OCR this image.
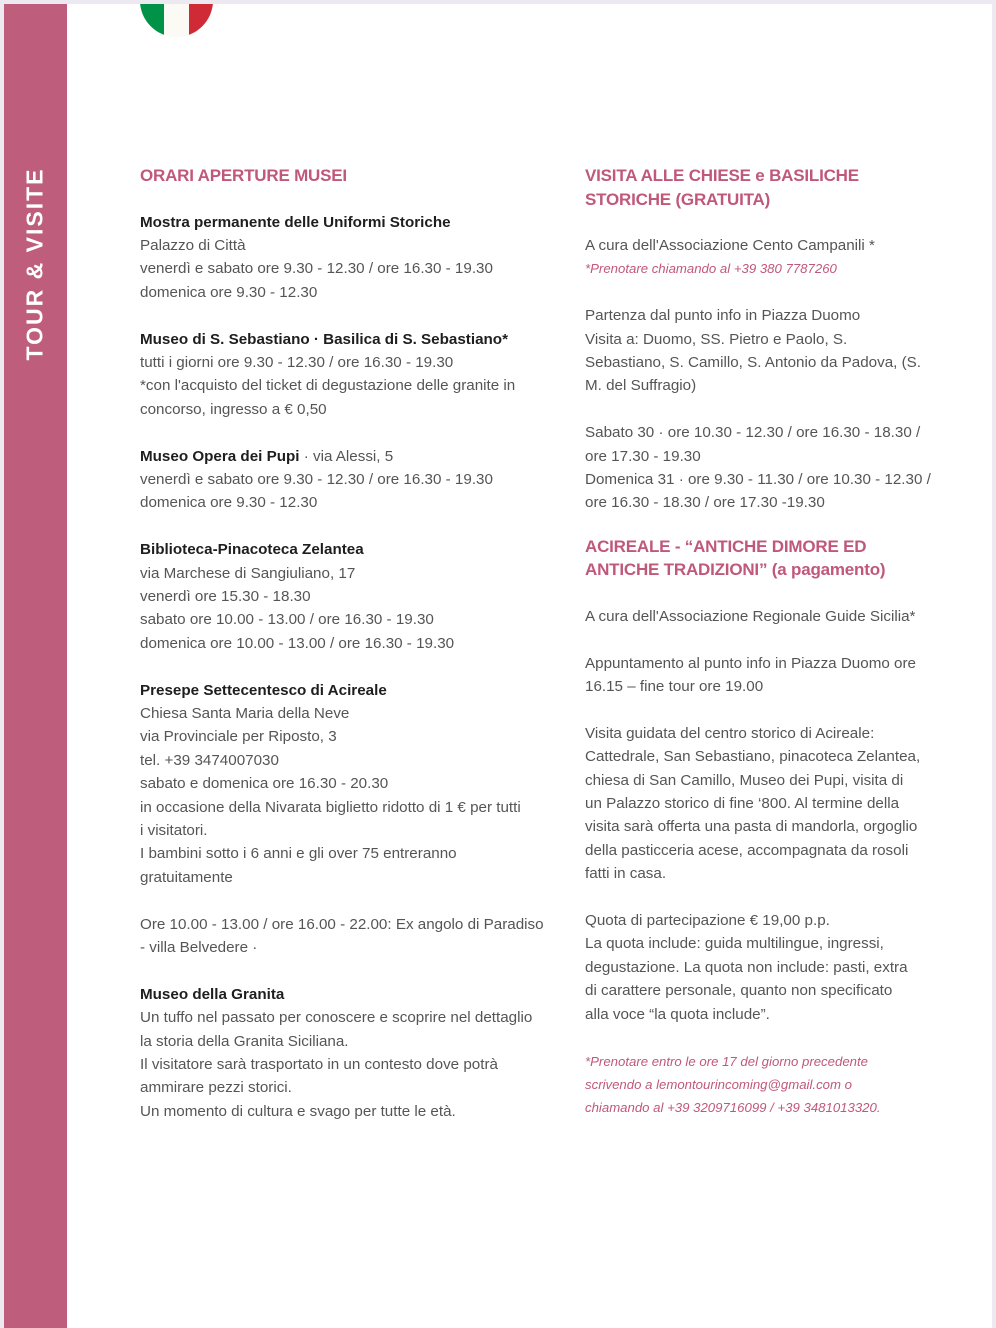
TOUR & VISITE	ORARI APERTURE MUSEI
Mostra permanente delle Uniformi Storiche
Palazzo di Città
venerdì e sabato ore 9.30 - 12.30 / ore 16.30 - 19.30
domenica ore 9.30 - 12.30
Museo di S. Sebastiano · Basilica di S. Sebastiano*
tutti i giorni ore 9.30 - 12.30 / ore 16.30 - 19.30
*con l'acquisto del ticket di degustazione delle granite in
concorso, ingresso a € 0,50
Museo Opera dei Pupi · via Alessi, 5
venerdì e sabato ore 9.30 - 12.30 / ore 16.30 - 19.30
domenica ore 9.30 - 12.30
Biblioteca-Pinacoteca Zelantea
via Marchese di Sangiuliano, 17
venerdì ore 15.30 - 18.30
sabato ore 10.00 - 13.00 / ore 16.30 - 19.30
domenica ore 10.00 - 13.00 / ore 16.30 - 19.30
Presepe Settecentesco di Acireale
Chiesa Santa Maria della Neve
via Provinciale per Riposto, 3
tel. +39 3474007030
sabato e domenica ore 16.30 - 20.30
in occasione della Nivarata biglietto ridotto di 1 € per tutti
i visitatori.
I bambini sotto i 6 anni e gli over 75 entreranno
gratuitamente
Ore 10.00 - 13.00 / ore 16.00 - 22.00: Ex angolo di Paradiso
- villa Belvedere ·
Museo della Granita
Un tuffo nel passato per conoscere e scoprire nel dettaglio
la storia della Granita Siciliana.
Il visitatore sarà trasportato in un contesto dove potrà
ammirare pezzi storici.
Un momento di cultura e svago per tutte le età.
VISITA ALLE CHIESE e BASILICHE
STORICHE (GRATUITA)
A cura dell'Associazione Cento Campanili *
*Prenotare chiamando al +39 380 7787260
Partenza dal punto info in Piazza Duomo
Visita a: Duomo, SS. Pietro e Paolo, S.
Sebastiano, S. Camillo, S. Antonio da Padova, (S.
M. del Suffragio)
Sabato 30 · ore 10.30 - 12.30 / ore 16.30 - 18.30 /
ore 17.30 - 19.30
Domenica 31 · ore 9.30 - 11.30 / ore 10.30 - 12.30 /
ore 16.30 - 18.30 / ore 17.30 -19.30
ACIREALE - “ANTICHE DIMORE ED
ANTICHE TRADIZIONI” (a pagamento)
A cura dell'Associazione Regionale Guide Sicilia*
Appuntamento al punto info in Piazza Duomo ore
16.15 – fine tour ore 19.00
Visita guidata del centro storico di Acireale:
Cattedrale, San Sebastiano, pinacoteca Zelantea,
chiesa di San Camillo, Museo dei Pupi, visita di
un Palazzo storico di fine ‘800. Al termine della
visita sarà offerta una pasta di mandorla, orgoglio
della pasticceria acese, accompagnata da rosoli
fatti in casa.
Quota di partecipazione € 19,00 p.p.
La quota include: guida multilingue, ingressi,
degustazione. La quota non include: pasti, extra
di carattere personale, quanto non specificato
alla voce “la quota include”.
*Prenotare entro le ore 17 del giorno precedente
scrivendo a lemontourincoming@gmail.com o
chiamando al +39 3209716099 / +39 3481013320.
